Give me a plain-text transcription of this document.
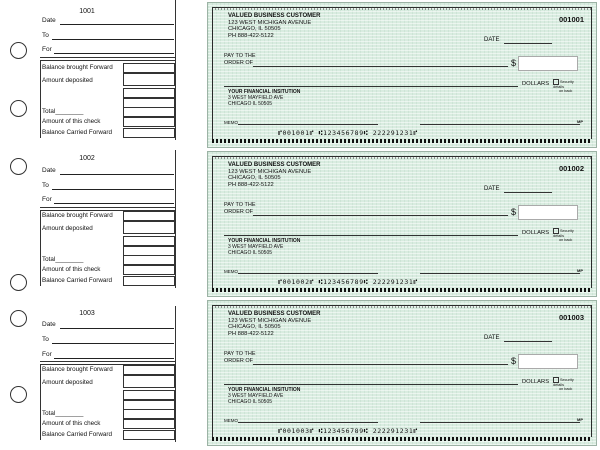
1001
Date
To
For
Balance brought Forward
Amount deposited
Total________
Amount of this check
Balance Carried Forward
1002
Date
To
For
Balance brought Forward
Amount deposited
Total________
Amount of this check
Balance Carried Forward
1003
Date
To
For
Balance brought Forward
Amount deposited
Total________
Amount of this check
Balance Carried Forward
VALUED BUSINESS CUSTOMER
123 WEST MICHIGAN AVENUE
CHICAGO, IL 50505
PH 888-422-5122
001001
DATE
PAY TO THE
ORDER OF	$
DOLLARS	Security details
on back
YOUR FINANCIAL INSITUTION
3 WEST MAYFIELD AVE
CHICAGO IL 50505
MEMO	MP
⑈001001⑈ ⑆123456789⑆ 222291231⑈
VALUED BUSINESS CUSTOMER
123 WEST MICHIGAN AVENUE
CHICAGO, IL 50505
PH 888-422-5122
001002
DATE
PAY TO THE
ORDER OF	$
DOLLARS	Security details
on back
YOUR FINANCIAL INSITUTION
3 WEST MAYFIELD AVE
CHICAGO IL 50505
MEMO	MP
⑈001002⑈ ⑆123456789⑆ 222291231⑈
VALUED BUSINESS CUSTOMER
123 WEST MICHIGAN AVENUE
CHICAGO, IL 50505
PH 888-422-5122
001003
DATE
PAY TO THE
ORDER OF	$
DOLLARS	Security details
on back
YOUR FINANCIAL INSITUTION
3 WEST MAYFIELD AVE
CHICAGO IL 50505
MEMO	MP
⑈001003⑈ ⑆123456789⑆ 222291231⑈
